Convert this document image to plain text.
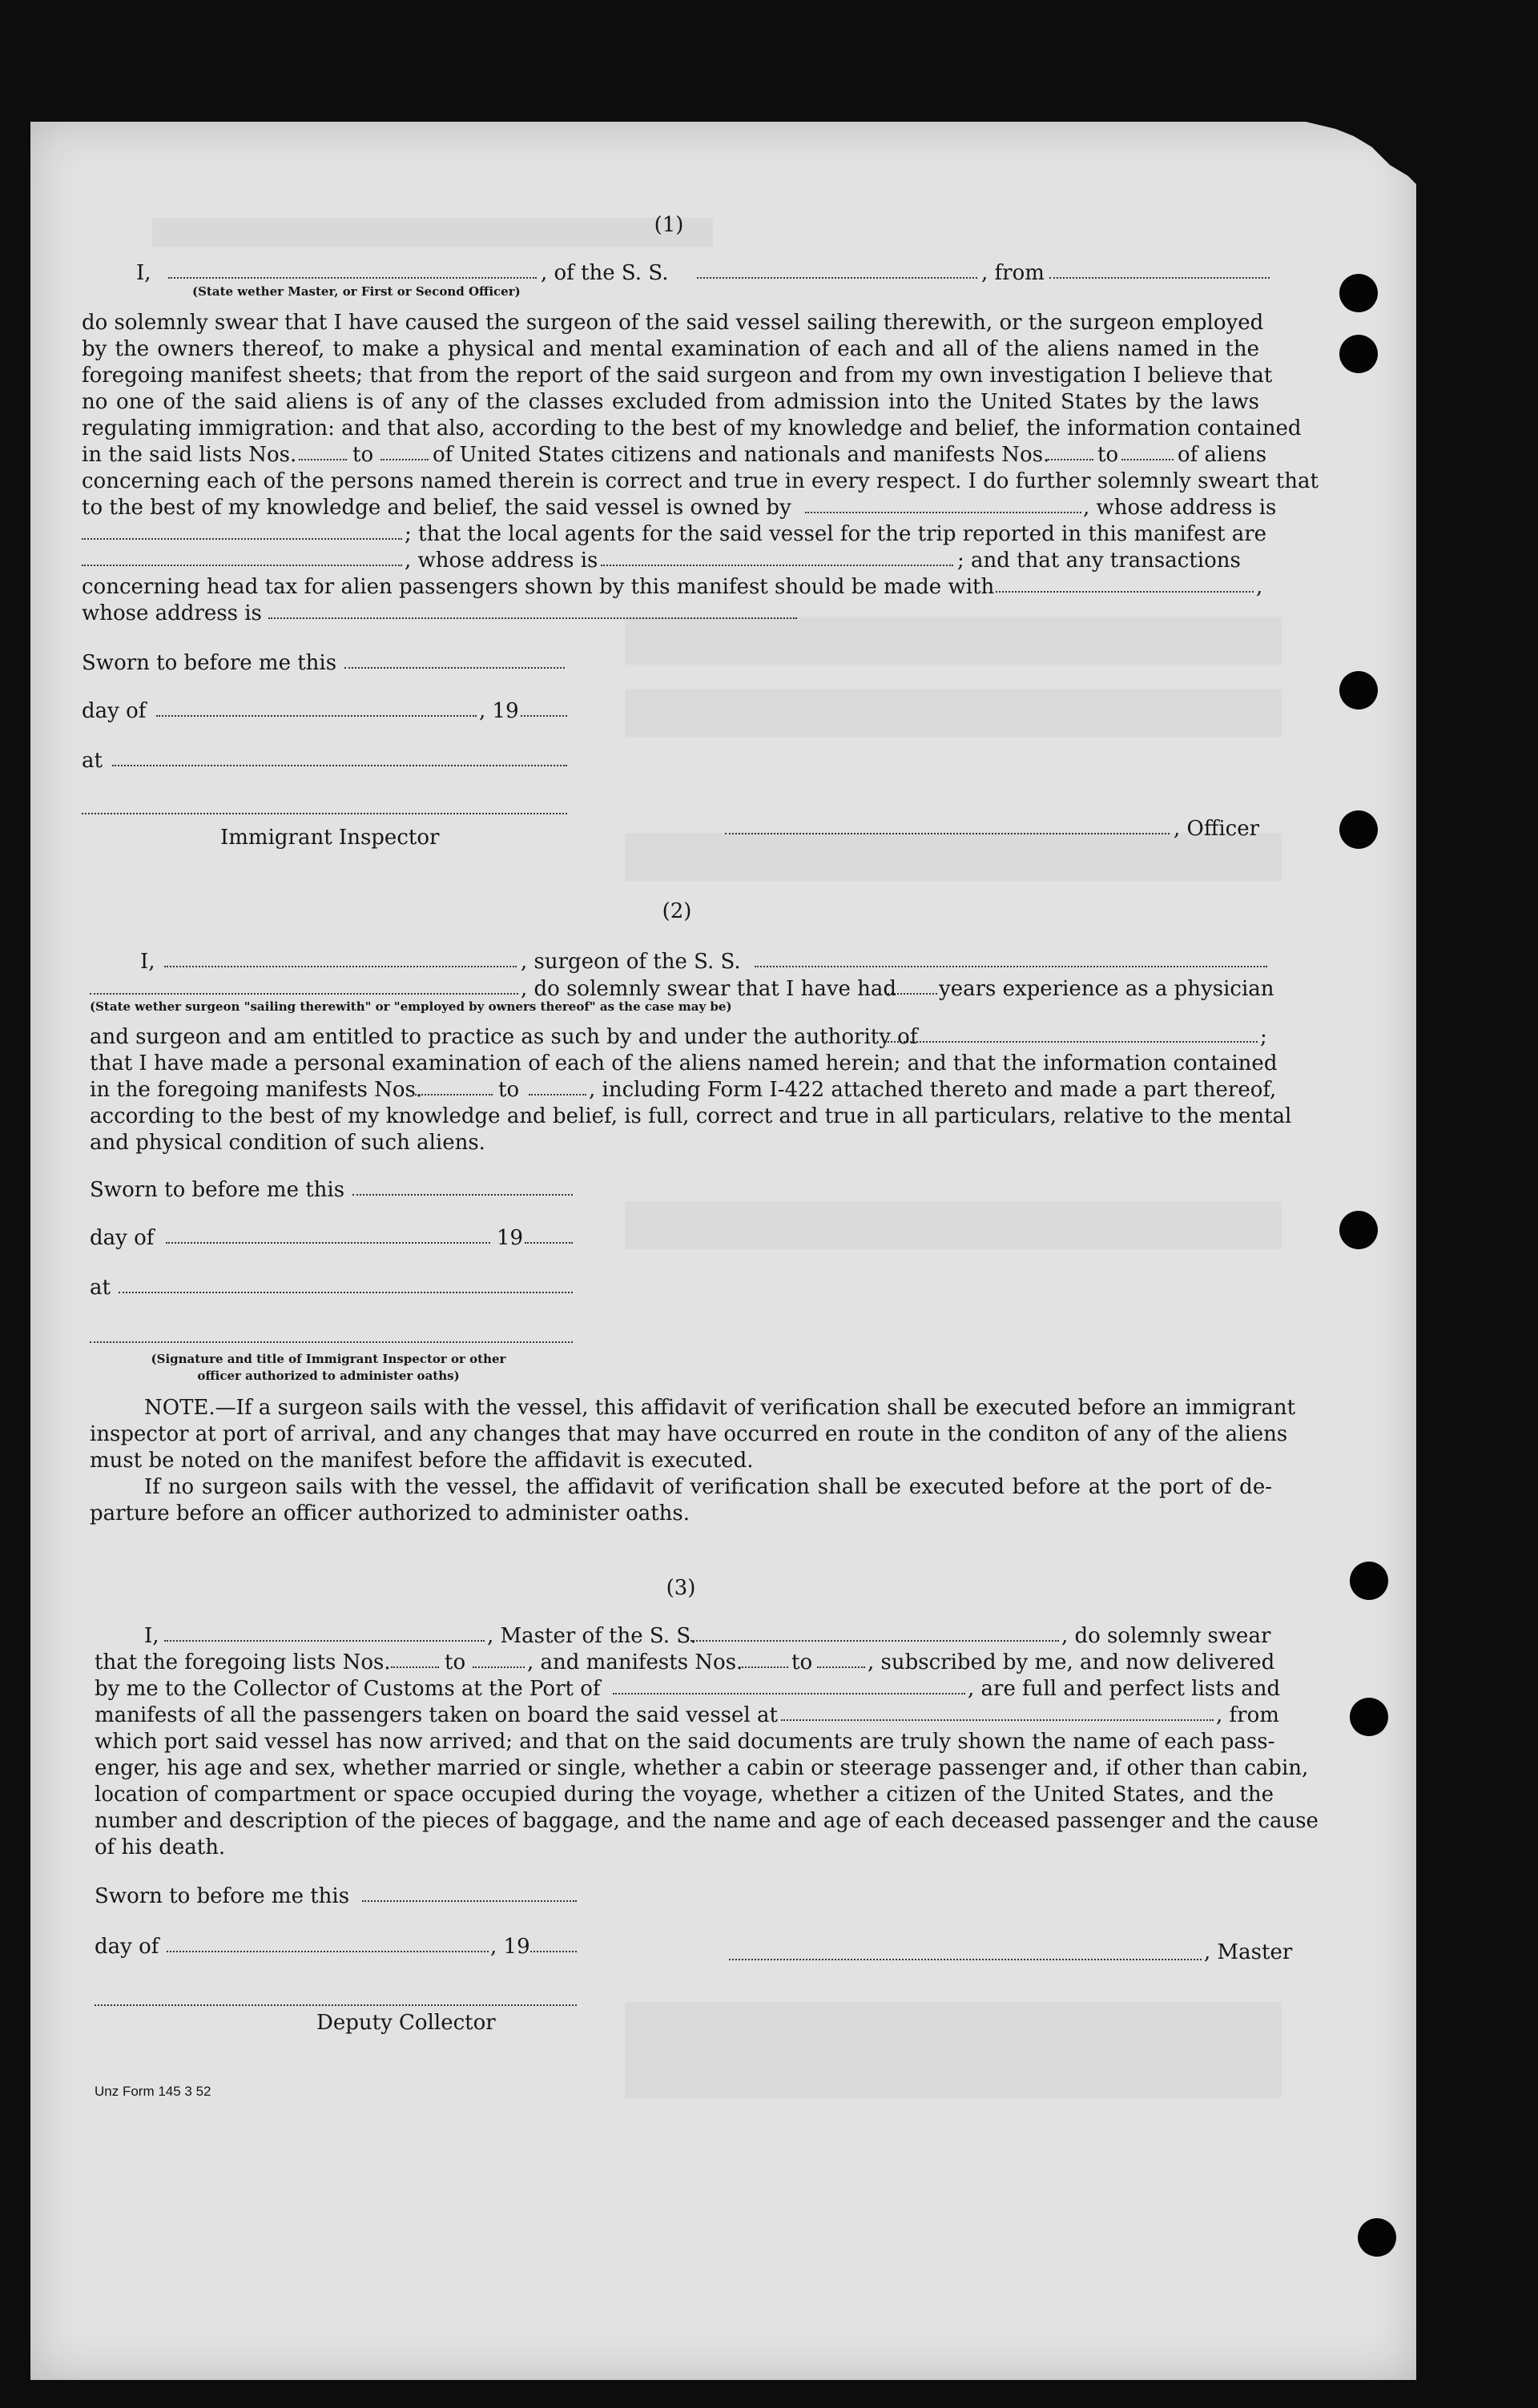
(1)
I,	, of the S. S.	, from
(State wether Master, or First or Second Officer)
do solemnly swear that I have caused the surgeon of the said vessel sailing therewith, or the surgeon employed
by the owners thereof, to make a physical and mental examination of each and all of the aliens named in the
foregoing manifest sheets; that from the report of the said surgeon and from my own investigation I believe that
no one of the said aliens is of any of the classes excluded from admission into the United States by the laws
regulating immigration: and that also, according to the best of my knowledge and belief, the information contained
in the said lists Nos.	to	of United States citizens and nationals and manifests Nos. to	of aliens
concerning each of the persons named therein is correct and true in every respect. I do further solemnly sweart that
to the best of my knowledge and belief, the said vessel is owned by	, whose address is
; that the local agents for the said vessel for the trip reported in this manifest are
, whose address is	; and that any transactions
concerning head tax for alien passengers shown by this manifest should be made with	,
whose address is
Sworn to before me this
day of	, 19
at
Immigrant Inspector	, Officer
(2)
I,	, surgeon of the S. S.
, do solemnly swear that I have had years experience as a physician
(State wether surgeon "sailing therewith" or "employed by owners thereof" as the case may be)
and surgeon and am entitled to practice as such by and under the authority of	;
that I have made a personal examination of each of the aliens named herein; and that the information contained
in the foregoing manifests Nos.	to	, including Form I-422 attached thereto and made a part thereof,
according to the best of my knowledge and belief, is full, correct and true in all particulars, relative to the mental
and physical condition of such aliens.
Sworn to before me this
day of	19
at
(Signature and title of Immigrant Inspector or other
officer authorized to administer oaths)
NOTE.—If a surgeon sails with the vessel, this affidavit of verification shall be executed before an immigrant
inspector at port of arrival, and any changes that may have occurred en route in the conditon of any of the aliens
must be noted on the manifest before the affidavit is executed.
If no surgeon sails with the vessel, the affidavit of verification shall be executed before at the port of de-
parture before an officer authorized to administer oaths.
(3)
I,	, Master of the S. S.	, do solemnly swear
that the foregoing lists Nos.	to	, and manifests Nos. to	, subscribed by me, and now delivered
by me to the Collector of Customs at the Port of	, are full and perfect lists and
manifests of all the passengers taken on board the said vessel at	, from
which port said vessel has now arrived; and that on the said documents are truly shown the name of each pass-
enger, his age and sex, whether married or single, whether a cabin or steerage passenger and, if other than cabin,
location of compartment or space occupied during the voyage, whether a citizen of the United States, and the
number and description of the pieces of baggage, and the name and age of each deceased passenger and the cause
of his death.
Sworn to before me this
day of	, 19	, Master
Deputy Collector
Unz Form 145 3 52
